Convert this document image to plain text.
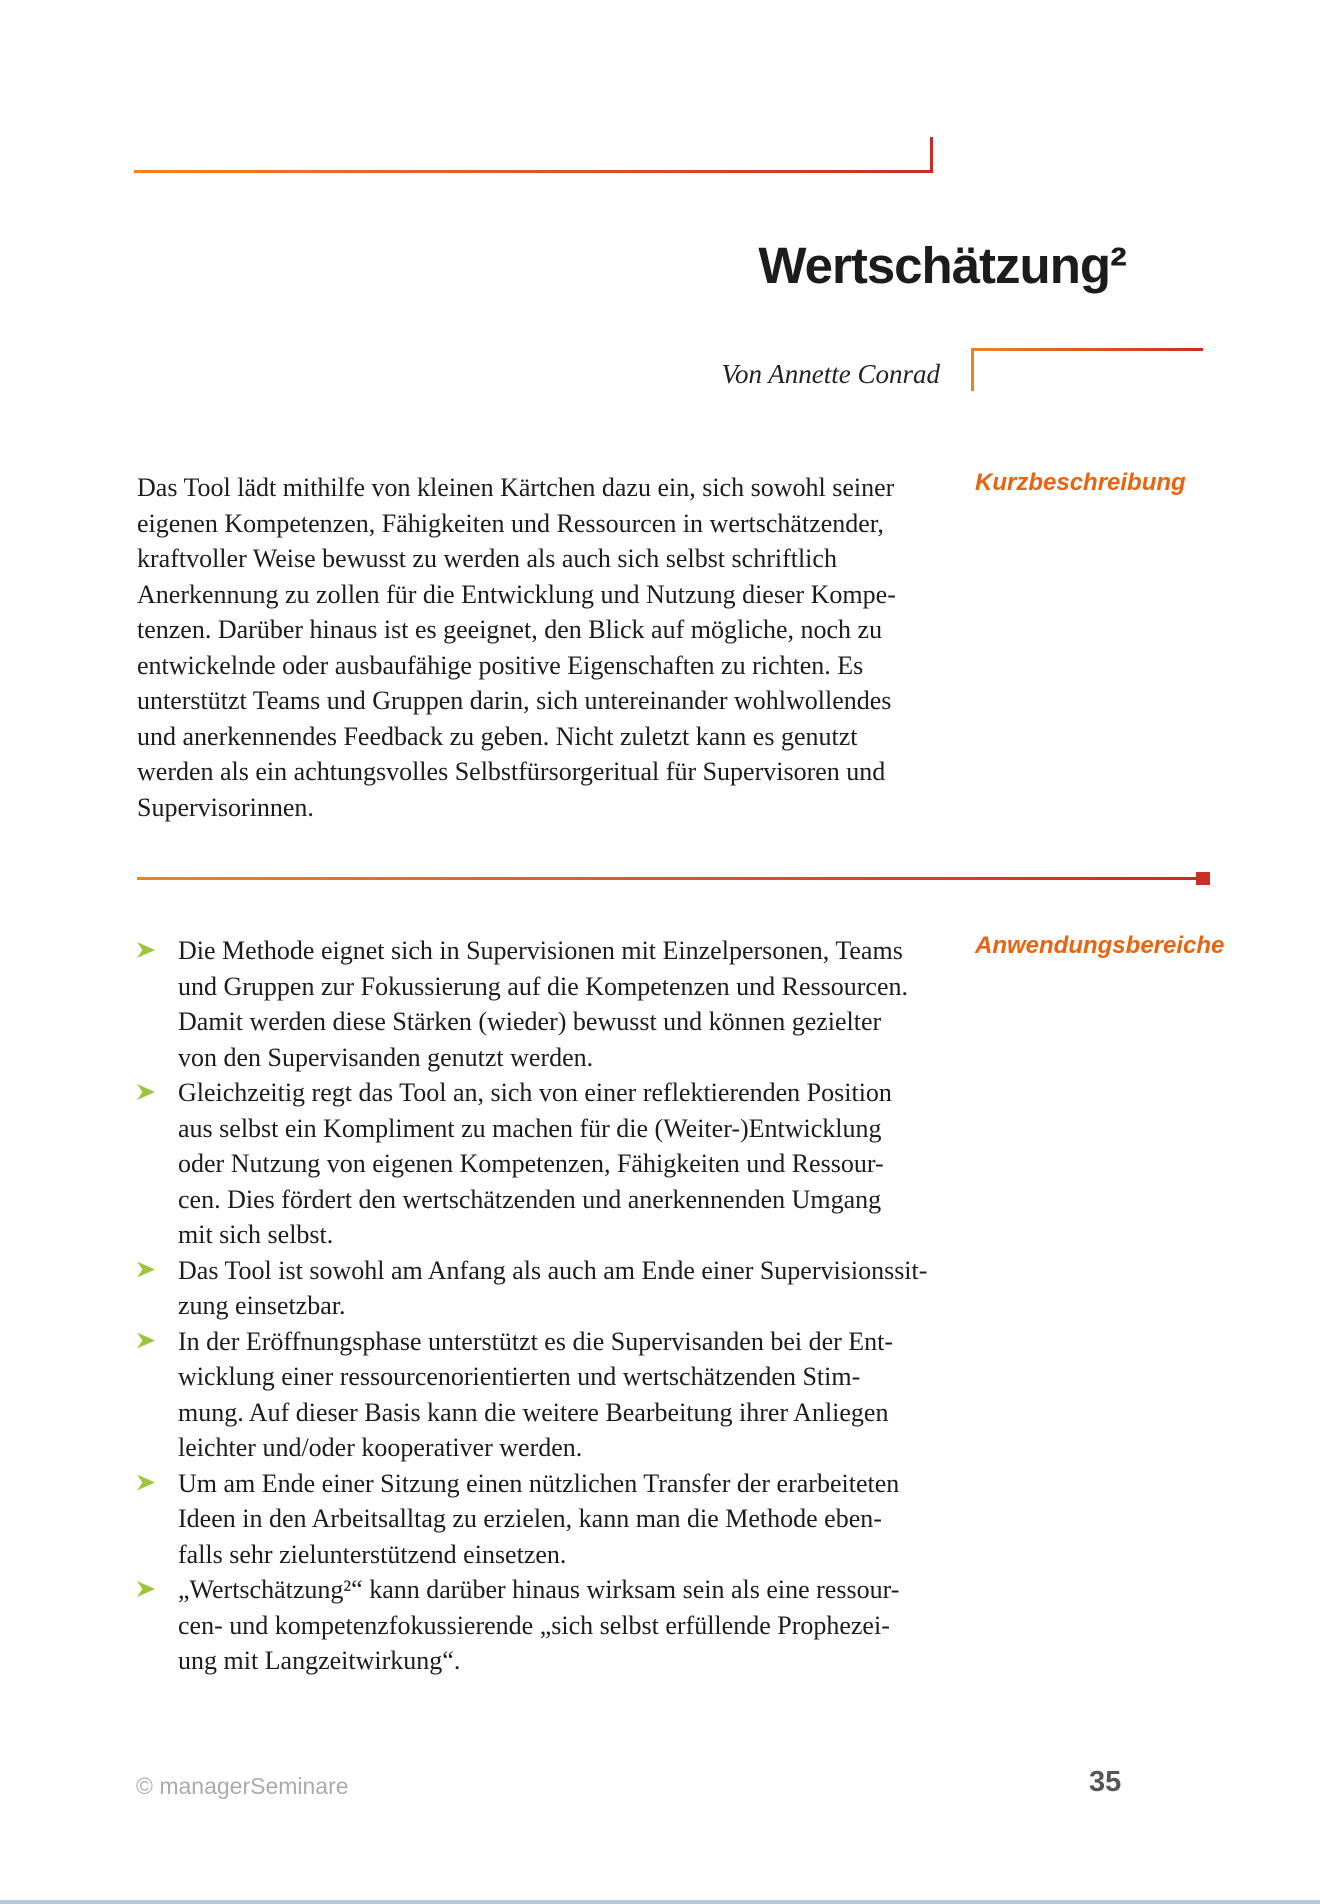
Wertschätzung²
Von Annette Conrad
Das Tool lädt mithilfe von kleinen Kärtchen dazu ein, sich sowohl seiner
eigenen Kompetenzen, Fähigkeiten und Ressourcen in wertschätzender,
kraftvoller Weise bewusst zu werden als auch sich selbst schriftlich
Anerkennung zu zollen für die Entwicklung und Nutzung dieser Kompe-
tenzen. Darüber hinaus ist es geeignet, den Blick auf mögliche, noch zu
entwickelnde oder ausbaufähige positive Eigenschaften zu richten. Es
unterstützt Teams und Gruppen darin, sich untereinander wohlwollendes
und anerkennendes Feedback zu geben. Nicht zuletzt kann es genutzt
werden als ein achtungsvolles Selbstfürsorgeritual für Supervisoren und
Supervisorinnen.
Kurzbeschreibung
Die Methode eignet sich in Supervisionen mit Einzelpersonen, Teams
und Gruppen zur Fokussierung auf die Kompetenzen und Ressourcen.
Damit werden diese Stärken (wieder) bewusst und können gezielter
von den Supervisanden genutzt werden.
Gleichzeitig regt das Tool an, sich von einer reflektierenden Position
aus selbst ein Kompliment zu machen für die (Weiter-)Entwicklung
oder Nutzung von eigenen Kompetenzen, Fähigkeiten und Ressour-
cen. Dies fördert den wertschätzenden und anerkennenden Umgang
mit sich selbst.
Das Tool ist sowohl am Anfang als auch am Ende einer Supervisionssit-
zung einsetzbar.
In der Eröffnungsphase unterstützt es die Supervisanden bei der Ent-
wicklung einer ressourcenorientierten und wertschätzenden Stim-
mung. Auf dieser Basis kann die weitere Bearbeitung ihrer Anliegen
leichter und/oder kooperativer werden.
Um am Ende einer Sitzung einen nützlichen Transfer der erarbeiteten
Ideen in den Arbeitsalltag zu erzielen, kann man die Methode eben-
falls sehr zielunterstützend einsetzen.
„Wertschätzung²“ kann darüber hinaus wirksam sein als eine ressour-
cen- und kompetenzfokussierende „sich selbst erfüllende Prophezei-
ung mit Langzeitwirkung“.
Anwendungsbereiche
© managerSeminare	35
